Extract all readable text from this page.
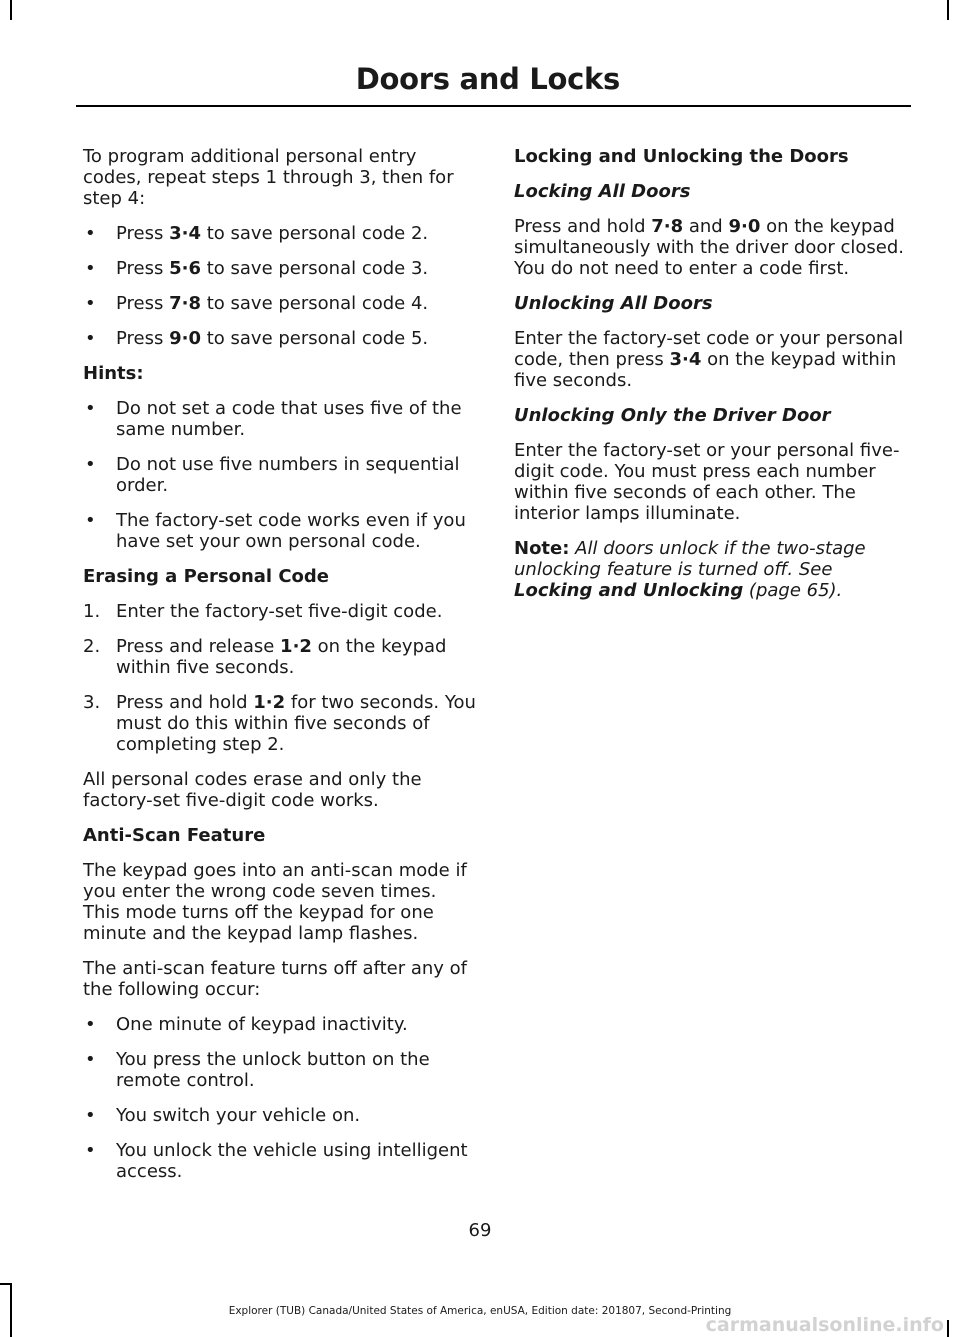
Doors and Locks

To program additional personal entry codes, repeat steps 1 through 3, then for step 4:

• Press 3·4 to save personal code 2.
• Press 5·6 to save personal code 3.
• Press 7·8 to save personal code 4.
• Press 9·0 to save personal code 5.
Hints:
• Do not set a code that uses five of the same number.
• Do not use five numbers in sequential order.
• The factory-set code works even if you have set your own personal code.
Erasing a Personal Code
1. Enter the factory-set five-digit code.
2. Press and release 1·2 on the keypad within five seconds.
3. Press and hold 1·2 for two seconds. You must do this within five seconds of completing step 2.

All personal codes erase and only the factory-set five-digit code works.

Anti-Scan Feature

The keypad goes into an anti-scan mode if you enter the wrong code seven times. This mode turns off the keypad for one minute and the keypad lamp flashes.

The anti-scan feature turns off after any of the following occur:

• One minute of keypad inactivity.
• You press the unlock button on the remote control.
• You switch your vehicle on.
• You unlock the vehicle using intelligent access.
Locking and Unlocking the Doors
Locking All Doors

Press and hold 7·8 and 9·0 on the keypad simultaneously with the driver door closed. You do not need to enter a code first.

Unlocking All Doors

Enter the factory-set code or your personal code, then press 3·4 on the keypad within five seconds.

Unlocking Only the Driver Door

Enter the factory-set or your personal five-digit code. You must press each number within five seconds of each other. The interior lamps illuminate.

Note: All doors unlock if the two-stage unlocking feature is turned off. See Locking and Unlocking (page 65).

69
Explorer (TUB) Canada/United States of America, enUSA, Edition date: 201807, Second-Printing
carmanualsonline.info
